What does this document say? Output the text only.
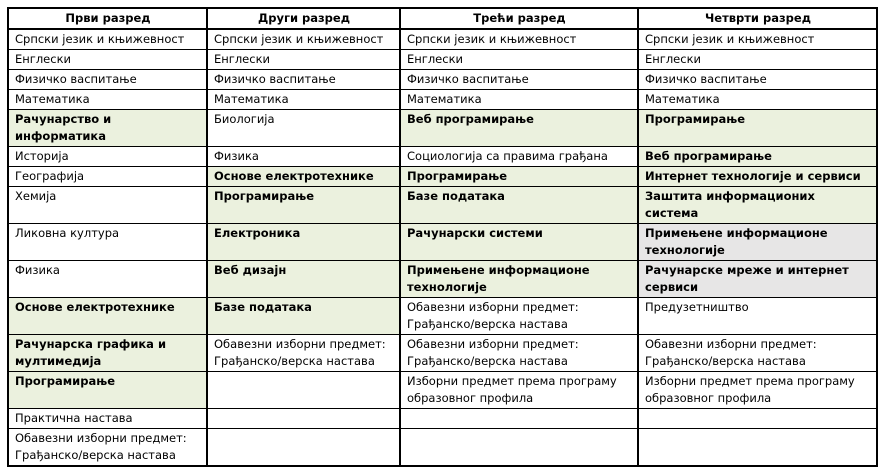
Први разред	Други разред	Трећи разред	Четврти разред
Српски језик и књижевност	Српски језик и књижевност	Српски језик и књижевност	Српски језик и књижевност
Енглески	Енглески	Енглески	Енглески
Физичко васпитање	Физичко васпитање	Физичко васпитање	Физичко васпитање
Математика	Математика	Математика	Математика
Рачунарство и информатика	Биологија	Веб програмирање	Програмирање
Историја	Физика	Социологија са правима грађана	Веб програмирање
Географија	Основе електротехнике	Програмирање	Интернет технологије и сервиси
Хемија	Програмирање	Базе података	Заштита информационих система
Ликовна култура	Електроника	Рачунарски системи	Примењене информационе технологије
Физика	Веб дизајн	Примењене информационе технологије	Рачунарске мреже и интернет сервиси
Основе електротехнике	Базе података	Обавезни изборни предмет: Грађанско/верска настава	Предузетништво
Рачунарска графика и мултимедија	Обавезни изборни предмет: Грађанско/верска настава	Обавезни изборни предмет: Грађанско/верска настава	Обавезни изборни предмет: Грађанско/верска настава
Програмирање		Изборни предмет према програму образовног профила	Изборни предмет према програму образовног профила
Практична настава			
Обавезни изборни предмет: Грађанско/верска настава			
